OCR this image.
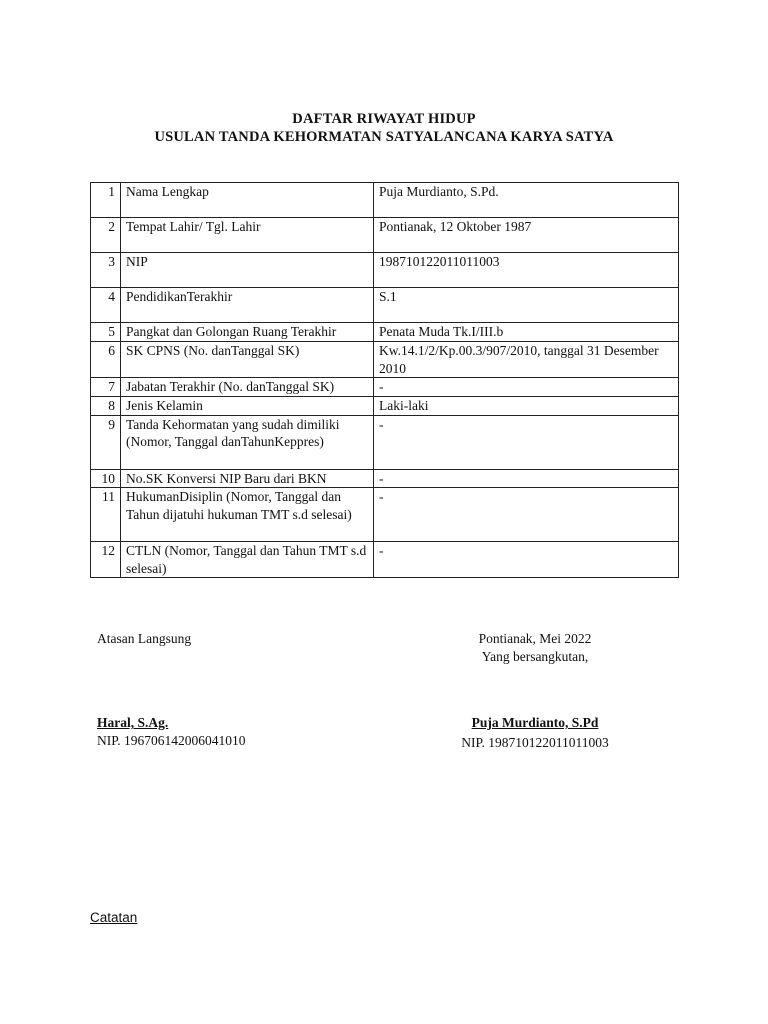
DAFTAR RIWAYAT HIDUP
USULAN TANDA KEHORMATAN SATYALANCANA KARYA SATYA
1	Nama Lengkap	Puja Murdianto, S.Pd.
2	Tempat Lahir/ Tgl. Lahir	Pontianak, 12 Oktober 1987
3	NIP	198710122011011003
4	PendidikanTerakhir	S.1
5	Pangkat dan Golongan Ruang Terakhir	Penata Muda Tk.I/III.b
6	SK CPNS (No. danTanggal SK)	Kw.14.1/2/Kp.00.3/907/2010, tanggal 31 Desember 2010
7	Jabatan Terakhir (No. danTanggal SK)	-
8	Jenis Kelamin	Laki-laki
9	Tanda Kehormatan yang sudah dimiliki (Nomor, Tanggal danTahunKeppres)	-
10	No.SK Konversi NIP Baru dari BKN	-
11	HukumanDisiplin (Nomor, Tanggal dan Tahun dijatuhi hukuman TMT s.d selesai)	-
12	CTLN (Nomor, Tanggal dan Tahun TMT s.d selesai)	-
Atasan Langsung	Pontianak, Mei 2022
Yang bersangkutan,
Haral, S.Ag.
NIP. 196706142006041010
Puja Murdianto, S.Pd
NIP. 198710122011011003
Catatan
